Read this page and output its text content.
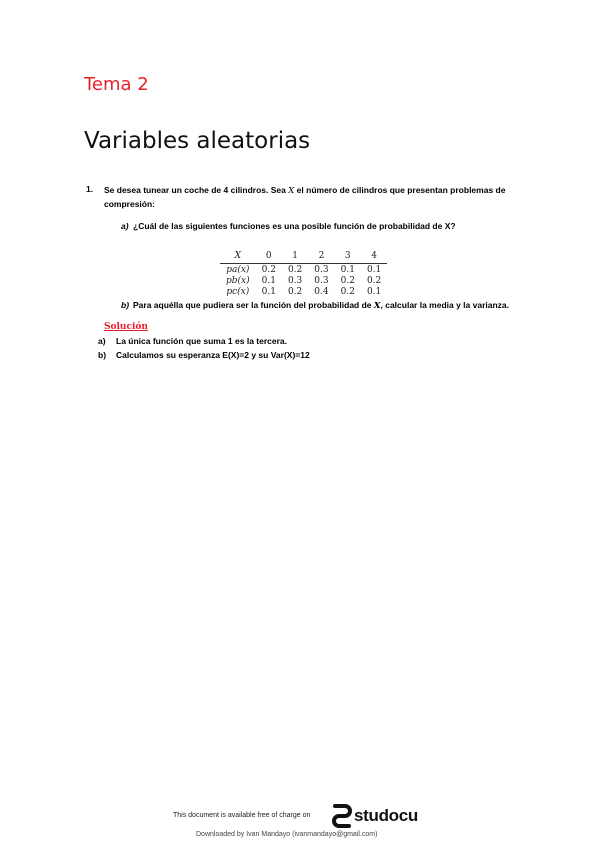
Tema 2
Variables aleatorias
1. Se desea tunear un coche de 4 cilindros. Sea X el número de cilindros que presentan problemas de compresión:
a) ¿Cuál de las siguientes funciones es una posible función de probabilidad de X?
X	0	1	2	3	4
pa(x)	0.2	0.2	0.3	0.1	0.1
pb(x)	0.1	0.3	0.3	0.2	0.2
pc(x)	0.1	0.2	0.4	0.2	0.1
b) Para aquélla que pudiera ser la función del probabilidad de X, calcular la media y la varianza.
Solución
a) La única función que suma 1 es la tercera.
b) Calculamos su esperanza E(X)=2 y su Var(X)=12
This document is available free of charge on	studocu
Downloaded by Ivan Mandayo (ivanmandayo@gmail.com)
